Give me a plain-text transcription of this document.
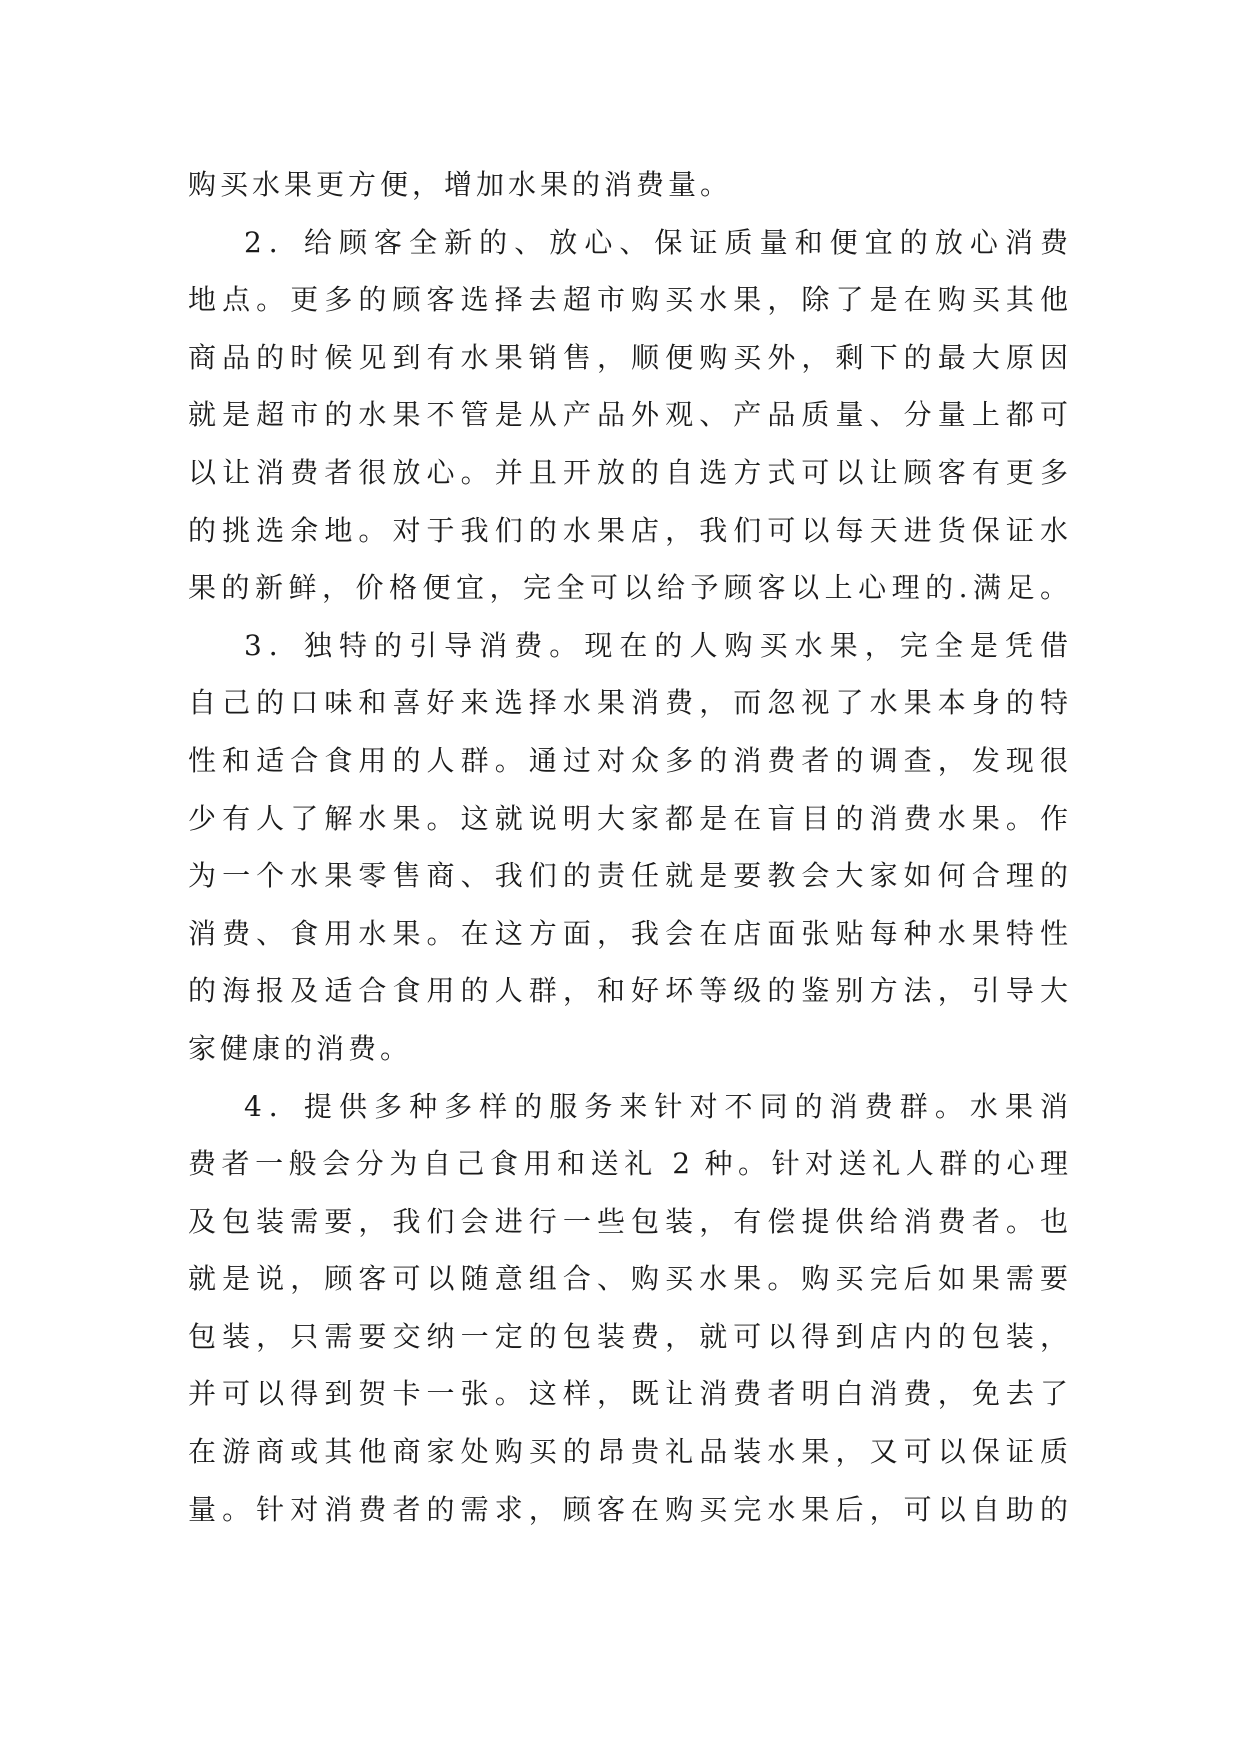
购买水果更方便，增加水果的消费量。
2．给顾客全新的、放心、保证质量和便宜的放心消费
地点。更多的顾客选择去超市购买水果，除了是在购买其他
商品的时候见到有水果销售，顺便购买外，剩下的最大原因
就是超市的水果不管是从产品外观、产品质量、分量上都可
以让消费者很放心。并且开放的自选方式可以让顾客有更多
的挑选余地。对于我们的水果店，我们可以每天进货保证水
果的新鲜，价格便宜，完全可以给予顾客以上心理的.满足。
3．独特的引导消费。现在的人购买水果，完全是凭借
自己的口味和喜好来选择水果消费，而忽视了水果本身的特
性和适合食用的人群。通过对众多的消费者的调查，发现很
少有人了解水果。这就说明大家都是在盲目的消费水果。作
为一个水果零售商、我们的责任就是要教会大家如何合理的
消费、食用水果。在这方面，我会在店面张贴每种水果特性
的海报及适合食用的人群，和好坏等级的鉴别方法，引导大
家健康的消费。
4．提供多种多样的服务来针对不同的消费群。水果消
费者一般会分为自己食用和送礼 2 种。针对送礼人群的心理
及包装需要，我们会进行一些包装，有偿提供给消费者。也
就是说，顾客可以随意组合、购买水果。购买完后如果需要
包装，只需要交纳一定的包装费，就可以得到店内的包装，
并可以得到贺卡一张。这样，既让消费者明白消费，免去了
在游商或其他商家处购买的昂贵礼品装水果，又可以保证质
量。针对消费者的需求，顾客在购买完水果后，可以自助的
